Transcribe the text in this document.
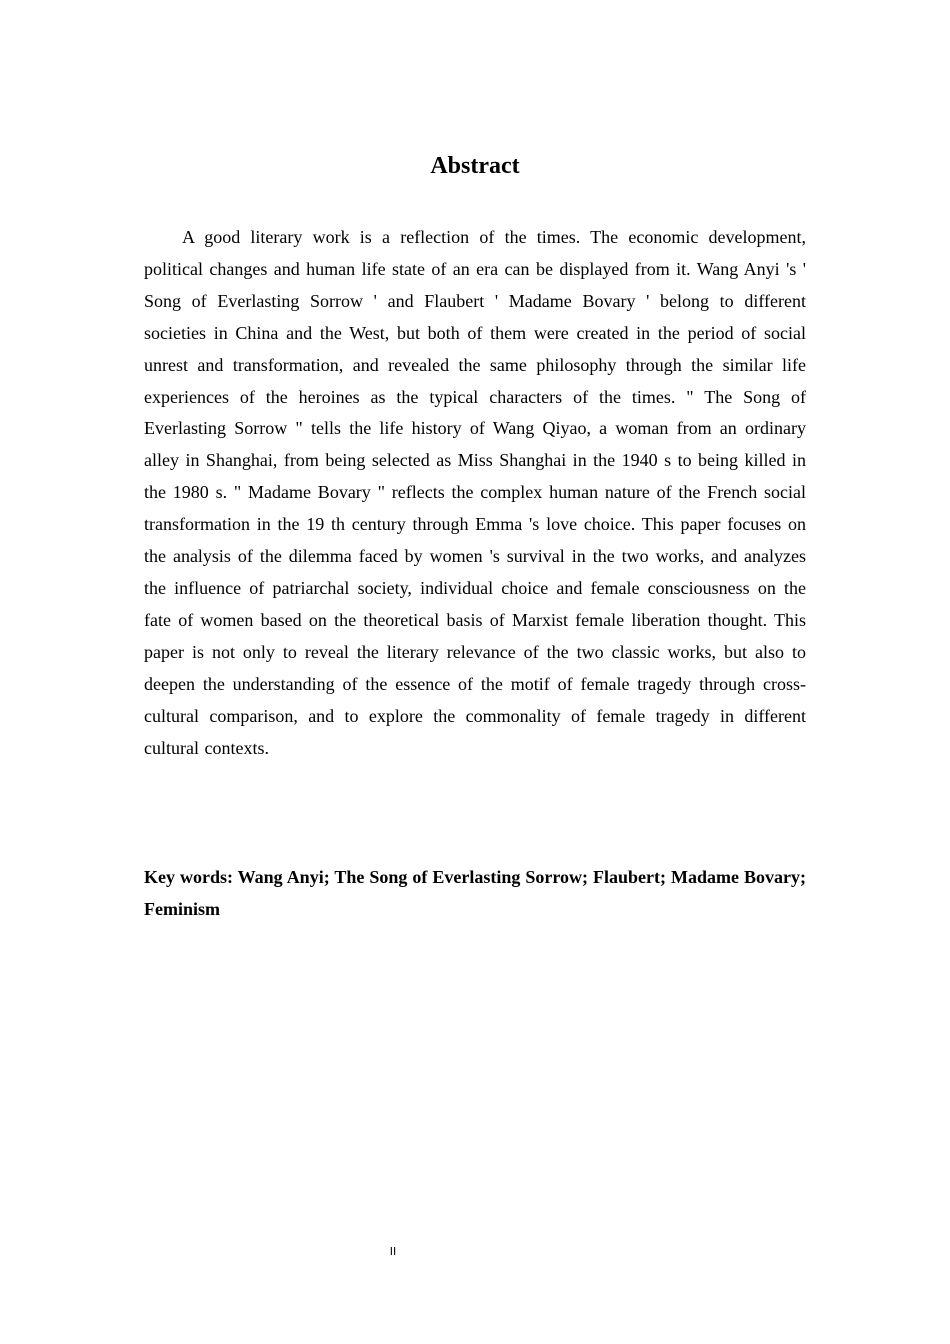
Abstract

A good literary work is a reflection of the times. The economic development, political changes and human life state of an era can be displayed from it. Wang Anyi 's ' Song of Everlasting Sorrow ' and Flaubert ' Madame Bovary ' belong to different societies in China and the West, but both of them were created in the period of social unrest and transformation, and revealed the same philosophy through the similar life experiences of the heroines as the typical characters of the times. " The Song of Everlasting Sorrow " tells the life history of Wang Qiyao, a woman from an ordinary alley in Shanghai, from being selected as Miss Shanghai in the 1940 s to being killed in the 1980 s. " Madame Bovary " reflects the complex human nature of the French social transformation in the 19 th century through Emma 's love choice. This paper focuses on the analysis of the dilemma faced by women 's survival in the two works, and analyzes the influence of patriarchal society, individual choice and female consciousness on the fate of women based on the theoretical basis of Marxist female liberation thought. This paper is not only to reveal the literary relevance of the two classic works, but also to deepen the understanding of the essence of the motif of female tragedy through cross-cultural comparison, and to explore the commonality of female tragedy in different cultural contexts.

Key words: Wang Anyi; The Song of Everlasting Sorrow; Flaubert; Madame Bovary; Feminism

II
